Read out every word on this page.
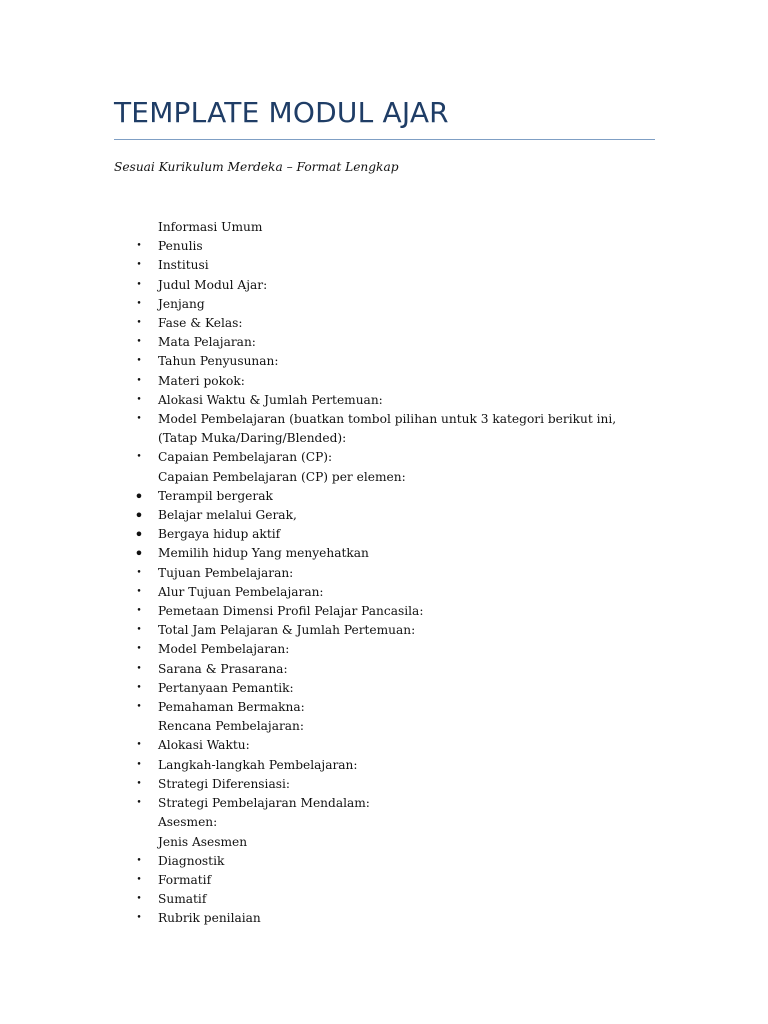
TEMPLATE MODUL AJAR
Sesuai Kurikulum Merdeka – Format Lengkap
Informasi Umum
• Penulis
• Institusi
• Judul Modul Ajar:
• Jenjang
• Fase & Kelas:
• Mata Pelajaran:
• Tahun Penyusunan:
• Materi pokok:
• Alokasi Waktu & Jumlah Pertemuan:
• Model Pembelajaran (buatkan tombol pilihan untuk 3 kategori berikut ini, (Tatap Muka/Daring/Blended):
• Capaian Pembelajaran (CP):
Capaian Pembelajaran (CP) per elemen:
• Terampil bergerak
• Belajar melalui Gerak,
• Bergaya hidup aktif
• Memilih hidup Yang menyehatkan
• Tujuan Pembelajaran:
• Alur Tujuan Pembelajaran:
• Pemetaan Dimensi Profil Pelajar Pancasila:
• Total Jam Pelajaran & Jumlah Pertemuan:
• Model Pembelajaran:
• Sarana & Prasarana:
• Pertanyaan Pemantik:
• Pemahaman Bermakna:
Rencana Pembelajaran:
• Alokasi Waktu:
• Langkah-langkah Pembelajaran:
• Strategi Diferensiasi:
• Strategi Pembelajaran Mendalam:
Asesmen:
Jenis Asesmen
• Diagnostik
• Formatif
• Sumatif
• Rubrik penilaian
